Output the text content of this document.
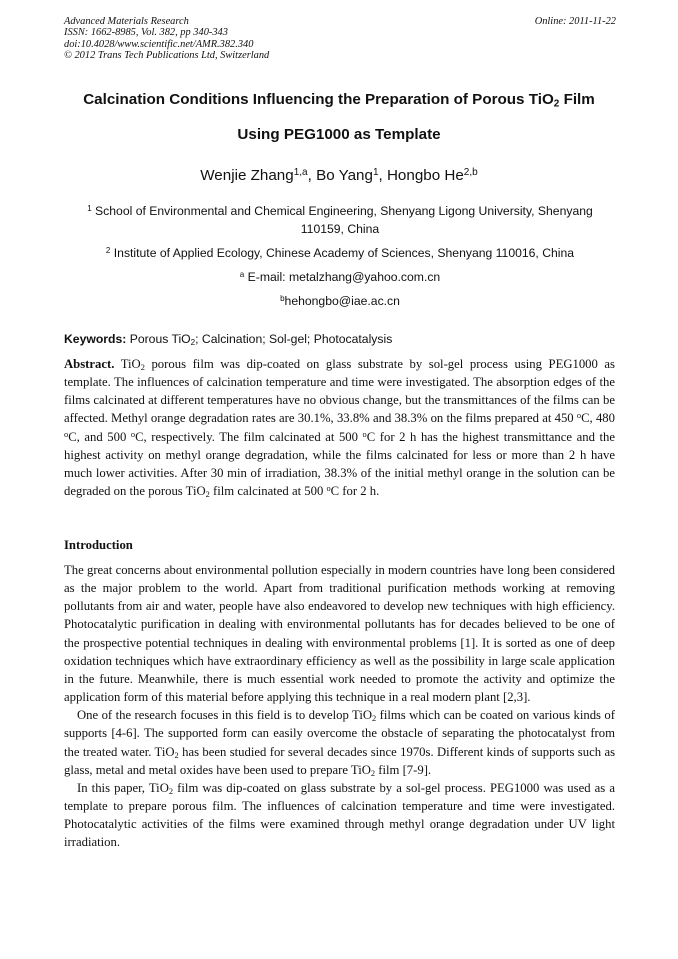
Advanced Materials Research
ISSN: 1662-8985, Vol. 382, pp 340-343
doi:10.4028/www.scientific.net/AMR.382.340
© 2012 Trans Tech Publications Ltd, Switzerland
Online: 2011-11-22
Calcination Conditions Influencing the Preparation of Porous TiO$_2$ Film
Using PEG1000 as Template
Wenjie Zhang$^{1,a}$, Bo Yang$^1$, Hongbo He$^{2,b}$
$^1$ School of Environmental and Chemical Engineering, Shenyang Ligong University, Shenyang
110159, China
$^2$ Institute of Applied Ecology, Chinese Academy of Sciences, Shenyang 110016, China
$^a$ E-mail: metalzhang@yahoo.com.cn
$^b$hehongbo@iae.ac.cn
Keywords: Porous TiO$_2$; Calcination; Sol-gel; Photocatalysis

Abstract. TiO$_2$ porous film was dip-coated on glass substrate by sol-gel process using PEG1000 as template. The influences of calcination temperature and time were investigated. The absorption edges of the films calcinated at different temperatures have no obvious change, but the transmittances of the films can be affected. Methyl orange degradation rates are 30.1%, 33.8% and 38.3% on the films prepared at 450 $^o$C, 480 $^o$C, and 500 $^o$C, respectively. The film calcinated at 500 $^o$C for 2 h has the highest transmittance and the highest activity on methyl orange degradation, while the films calcinated for less or more than 2 h have much lower activities. After 30 min of irradiation, 38.3% of the initial methyl orange in the solution can be degraded on the porous TiO$_2$ film calcinated at 500 $^o$C for 2 h.

Introduction

The great concerns about environmental pollution especially in modern countries have long been considered as the major problem to the world. Apart from traditional purification methods working at removing pollutants from air and water, people have also endeavored to develop new techniques with high efficiency. Photocatalytic purification in dealing with environmental pollutants has for decades believed to be one of the prospective potential techniques in dealing with environmental problems [1]. It is sorted as one of deep oxidation techniques which have extraordinary efficiency as well as the possibility in large scale application in the future. Meanwhile, there is much essential work needed to promote the activity and optimize the application form of this material before applying this technique in a real modern plant [2,3].

One of the research focuses in this field is to develop TiO$_2$ films which can be coated on various kinds of supports [4-6]. The supported form can easily overcome the obstacle of separating the photocatalyst from the treated water. TiO$_2$ has been studied for several decades since 1970s. Different kinds of supports such as glass, metal and metal oxides have been used to prepare TiO$_2$ film [7-9].

In this paper, TiO$_2$ film was dip-coated on glass substrate by a sol-gel process. PEG1000 was used as a template to prepare porous film. The influences of calcination temperature and time were investigated. Photocatalytic activities of the films were examined through methyl orange degradation under UV light irradiation.
